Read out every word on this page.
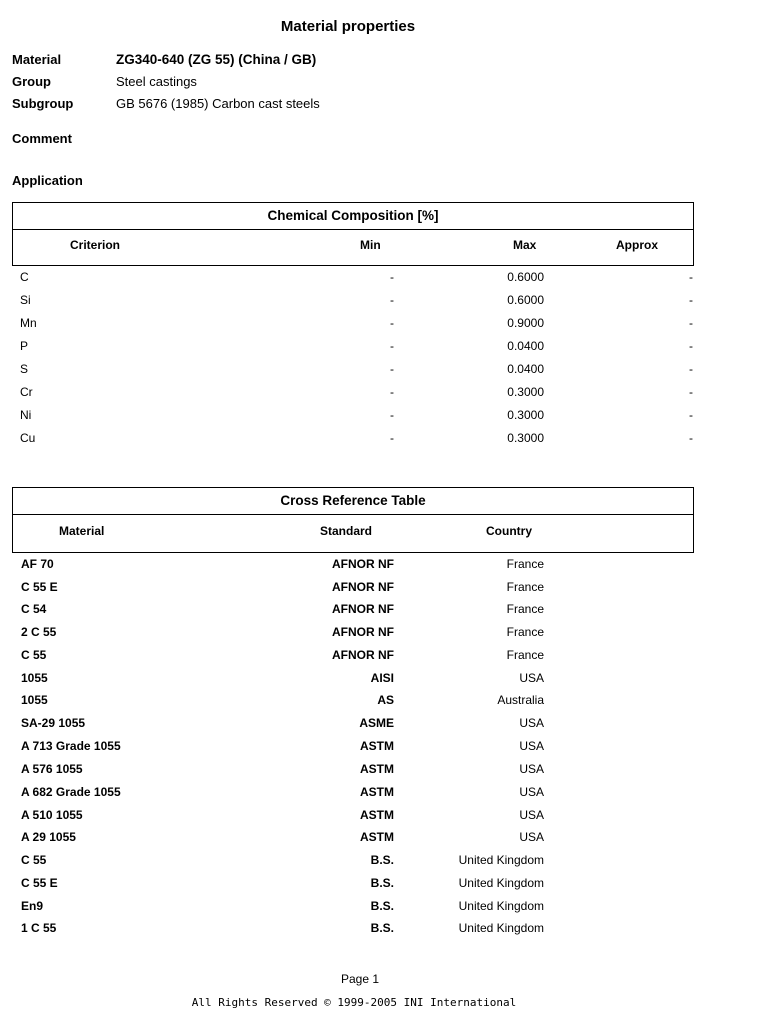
Material properties
Material	ZG340-640 (ZG 55) (China / GB)
Group	Steel castings
Subgroup	GB 5676 (1985) Carbon cast steels
Comment
Application
Chemical Composition [%]
Criterion	Min	Max	Approx
C	-	0.6000	-
Si	-	0.6000	-
Mn	-	0.9000	-
P	-	0.0400	-
S	-	0.0400	-
Cr	-	0.3000	-
Ni	-	0.3000	-
Cu	-	0.3000	-
Cross Reference Table
Material	Standard	Country
AF 70	AFNOR NF	France
C 55 E	AFNOR NF	France
C 54	AFNOR NF	France
2 C 55	AFNOR NF	France
C 55	AFNOR NF	France
1055	AISI	USA
1055	AS	Australia
SA-29 1055	ASME	USA
A 713 Grade 1055	ASTM	USA
A 576 1055	ASTM	USA
A 682 Grade 1055	ASTM	USA
A 510 1055	ASTM	USA
A 29 1055	ASTM	USA
C 55	B.S.	United Kingdom
C 55 E	B.S.	United Kingdom
En9	B.S.	United Kingdom
1 C 55	B.S.	United Kingdom
Page 1
All Rights Reserved © 1999-2005 INI International
